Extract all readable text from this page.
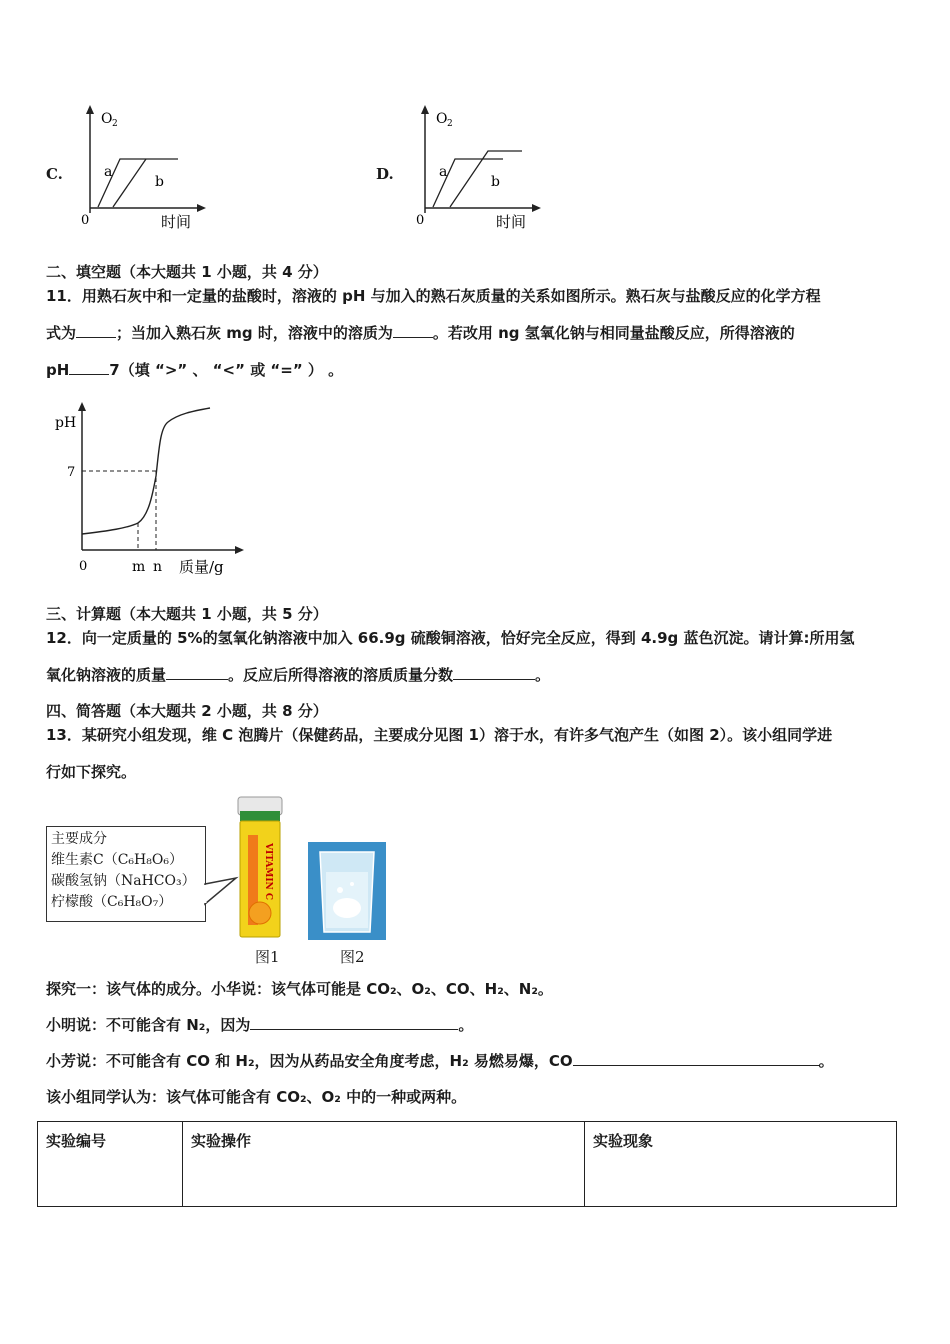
C.
O 2
a
b
0	时间
D.
O 2
a
b
0	时间
二、填空题（本大题共 1 小题，共 4 分）
11．用熟石灰中和一定量的盐酸时，溶液的 pH 与加入的熟石灰质量的关系如图所示。熟石灰与盐酸反应的化学方程
式为	；当加入熟石灰 mg 时，溶液中的溶质为	。若改用 ng 氢氧化钠与相同量盐酸反应，所得溶液的
pH	7（填 “>” 、 “<” 或 “=” ） 。
pH
7
0	m n 质量/g
三、计算题（本大题共 1 小题，共 5 分）
12．向一定质量的 5%的氢氧化钠溶液中加入 66.9g 硫酸铜溶液，恰好完全反应，得到 4.9g 蓝色沉淀。请计算:所用氢
氧化钠溶液的质量	。反应后所得溶液的溶质质量分数	。
四、简答题（本大题共 2 小题，共 8 分）
13．某研究小组发现，维 C 泡腾片（保健药品，主要成分见图 1）溶于水，有许多气泡产生（如图 2）。该小组同学进
行如下探究。
主要成分
维生素C（C₆H₈O₆）
碳酸氢钠（NaHCO₃）
柠檬酸（C₆H₈O₇）
VITAMIN C
图1	图2
探究一：该气体的成分。小华说：该气体可能是 CO₂、O₂、CO、H₂、N₂。
小明说：不可能含有 N₂，因为	。
小芳说：不可能含有 CO 和 H₂，因为从药品安全角度考虑，H₂ 易燃易爆，CO	。
该小组同学认为：该气体可能含有 CO₂、O₂ 中的一种或两种。
实验编号	实验操作	实验现象
